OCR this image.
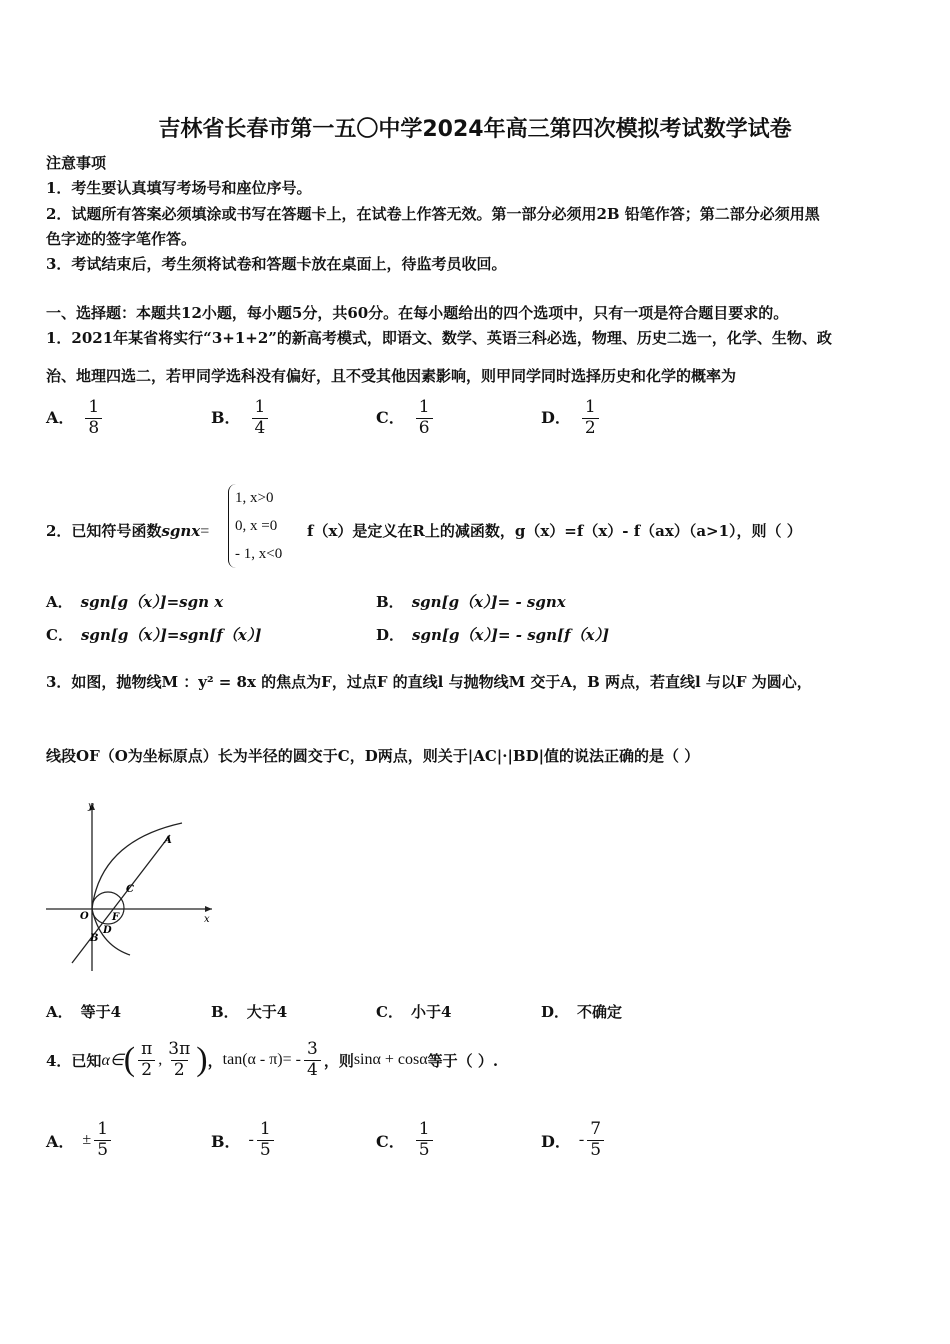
吉林省长春市第一五〇中学2024年高三第四次模拟考试数学试卷
注意事项
1．考生要认真填写考场号和座位序号。
2．试题所有答案必须填涂或书写在答题卡上，在试卷上作答无效。第一部分必须用2B 铅笔作答；第二部分必须用黑
色字迹的签字笔作答。
3．考试结束后，考生须将试卷和答题卡放在桌面上，待监考员收回。
一、选择题：本题共12小题，每小题5分，共60分。在每小题给出的四个选项中，只有一项是符合题目要求的。
1．2021年某省将实行“3+1+2”的新高考模式，即语文、数学、英语三科必选，物理、历史二选一，化学、生物、政
治、地理四选二，若甲同学选科没有偏好，且不受其他因素影响，则甲同学同时选择历史和化学的概率为
A． $\frac{1}{8}$	B． $\frac{1}{4}$	C． $\frac{1}{6}$	D． $\frac{1}{2}$
2．已知符号函数sgnx=
1, x>0
0, x =0
- 1, x<0
f（x）是定义在R上的减函数，g（x）=f（x）- f（ax）（a>1），则（ ）
A． sgn[g（x）]=sgn x	B． sgn[g（x）]= - sgnx
C． sgn[g（x）]=sgn[f（x）]	D． sgn[g（x）]= - sgn[f（x）]
3．如图，抛物线M ：y² = 8x 的焦点为F，过点F 的直线l 与抛物线M 交于A，B 两点，若直线l 与以F 为圆心，
线段OF（O为坐标原点）长为半径的圆交于C，D两点，则关于|AC|·|BD|值的说法正确的是（ ）
y
x
O F
A
B
C
D
A． 等于4	B． 大于4	C． 小于4	D． 不确定
4．已知 α∈ ( $\frac{\pi}{2}$ , $\frac{3\pi}{2}$ ) ， $\tan(\alpha - \pi)= - \frac{3}{4}$ ，则 sinα + cosα 等于（ ）.
A． ± $\frac{1}{5}$	B． - $\frac{1}{5}$	C． $\frac{1}{5}$	D． - $\frac{7}{5}$
